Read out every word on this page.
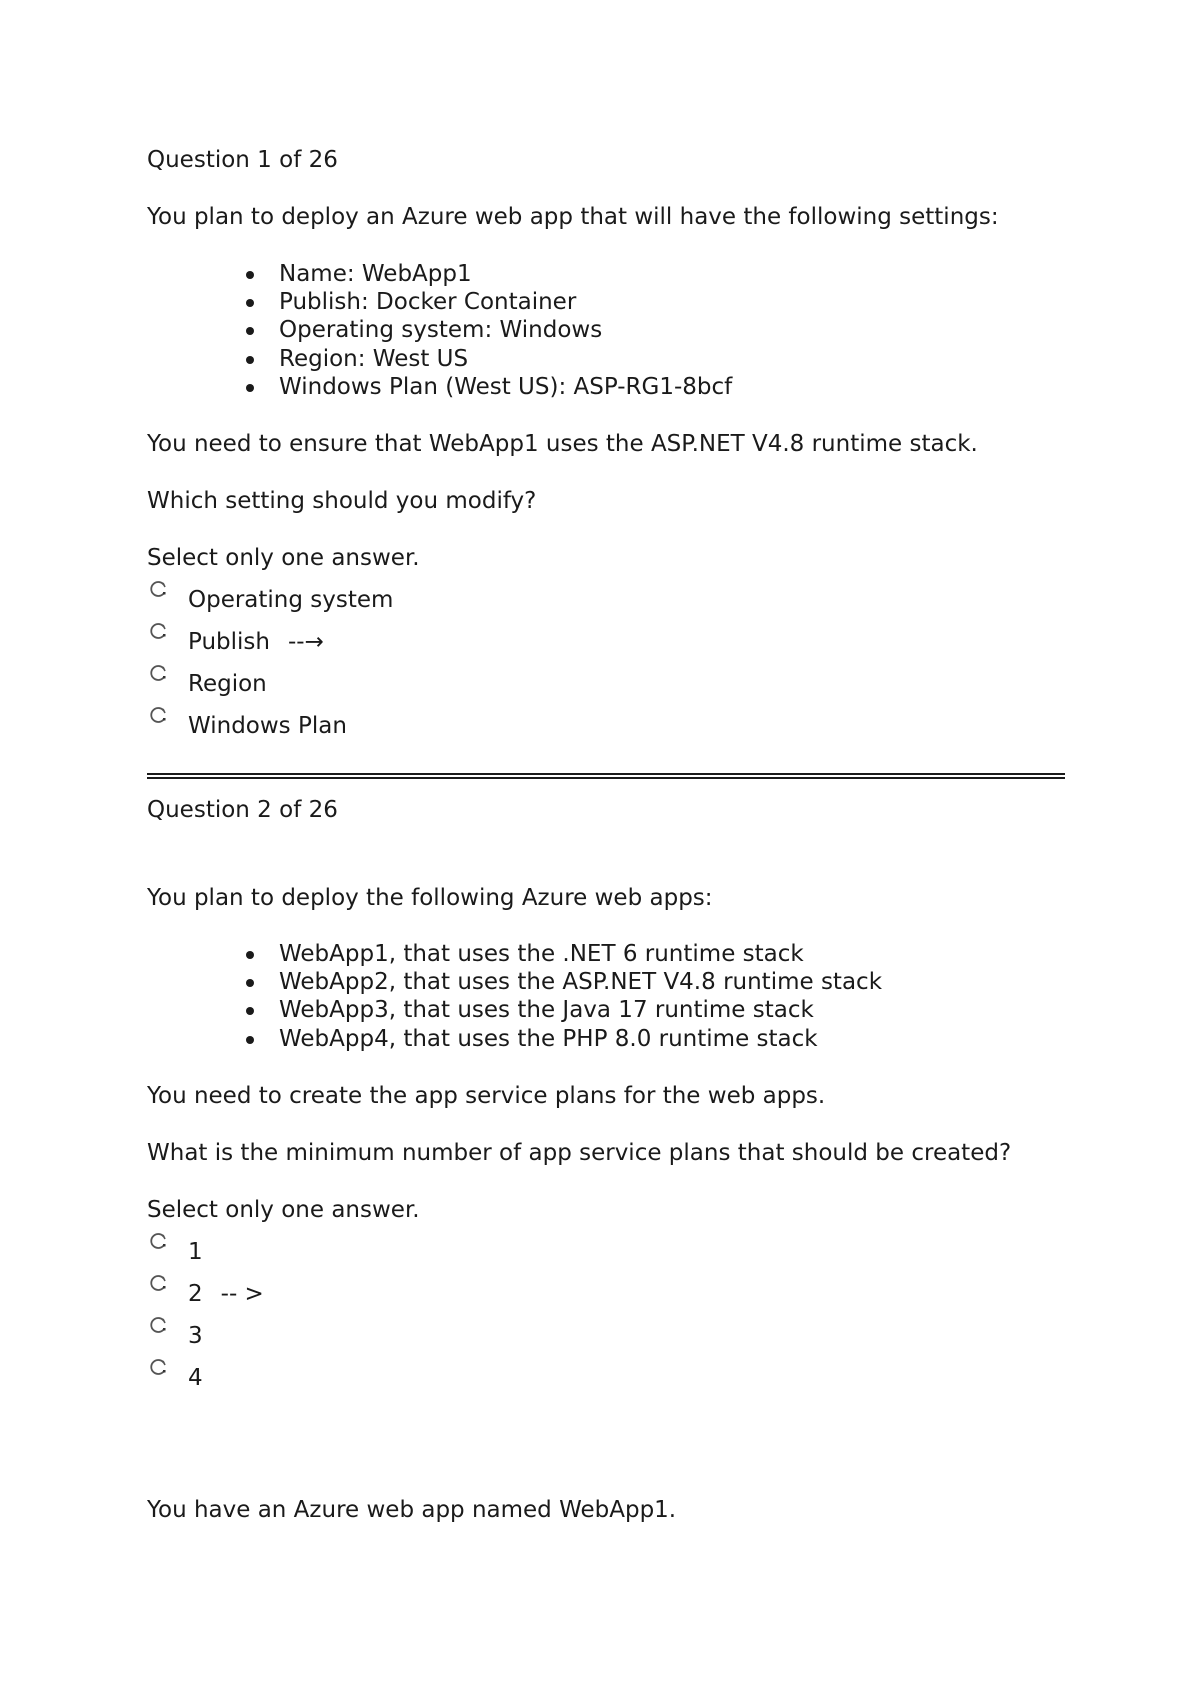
Question 1 of 26

You plan to deploy an Azure web app that will have the following settings:

Name: WebApp1
Publish: Docker Container
Operating system: Windows
Region: West US
Windows Plan (West US): ASP-RG1-8bcf

You need to ensure that WebApp1 uses the ASP.NET V4.8 runtime stack.

Which setting should you modify?

Select only one answer.

Operating system
Publish --→
Region
Windows Plan

Question 2 of 26

You plan to deploy the following Azure web apps:

WebApp1, that uses the .NET 6 runtime stack
WebApp2, that uses the ASP.NET V4.8 runtime stack
WebApp3, that uses the Java 17 runtime stack
WebApp4, that uses the PHP 8.0 runtime stack

You need to create the app service plans for the web apps.

What is the minimum number of app service plans that should be created?

Select only one answer.

1
2 -- >
3
4

You have an Azure web app named WebApp1.
